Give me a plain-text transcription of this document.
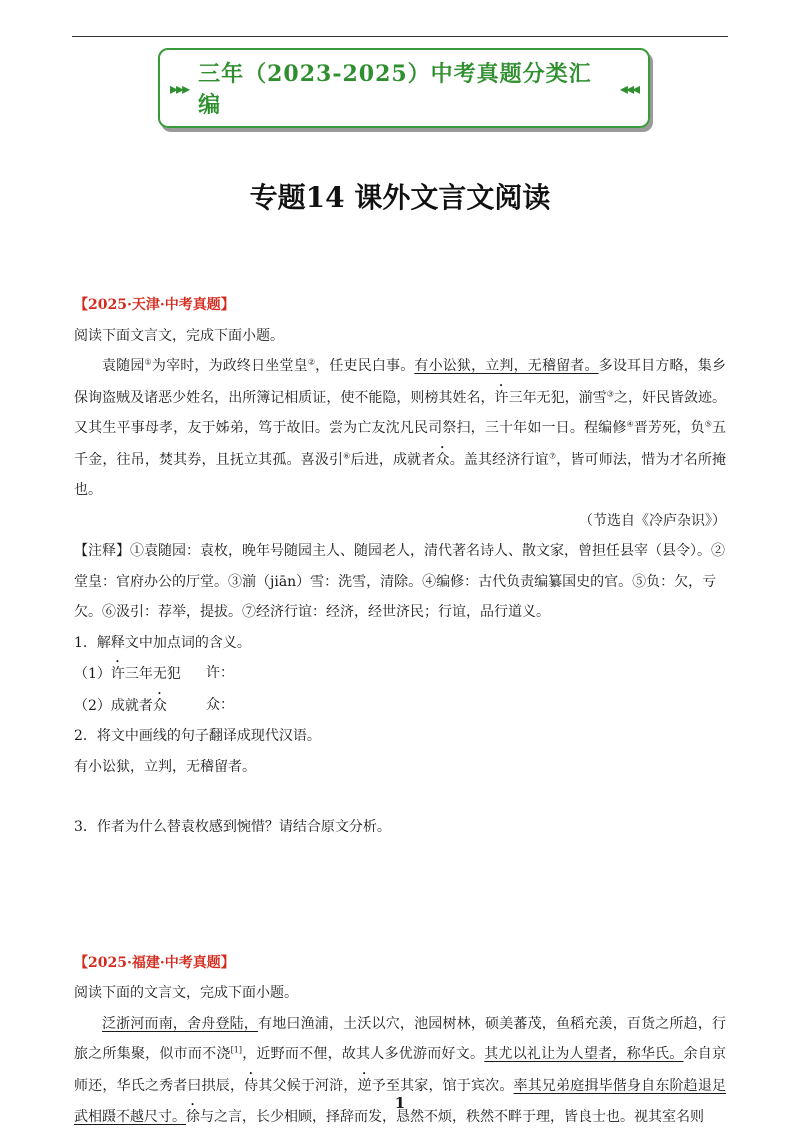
▸▸▸
三年（2023-2025）中考真题分类汇编
◂◂◂
专题14 课外文言文阅读

【2025·天津·中考真题】

阅读下面文言文，完成下面小题。

袁随园①为宰时，为政终日坐堂皇②，任吏民白事。有小讼狱，立判，无稽留者。多设耳目方略，集乡保询盗贼及诸恶少姓名，出所簿记相质证，使不能隐，则榜其姓名，许三年无犯，湔雪③之，奸民皆敛迹。又其生平事母孝，友于姊弟，笃于故旧。尝为亡友沈凡民司祭扫，三十年如一日。程编修④晋芳死，负⑤五千金，往吊，焚其券，且抚立其孤。喜汲引⑥后进，成就者众。盖其经济行谊⑦，皆可师法，惜为才名所掩也。

（节选自《冷庐杂识》）

【注释】①袁随园：袁枚，晚年号随园主人、随园老人，清代著名诗人、散文家，曾担任县宰（县令）。②堂皇：官府办公的厅堂。③湔（jiān）雪：洗雪，清除。④编修：古代负责编纂国史的官。⑤负：欠，亏欠。⑥汲引：荐举，提拔。⑦经济行谊：经济，经世济民；行谊，品行道义。

1．解释文中加点词的含义。

（1）许三年无犯	许：

（2）成就者众	众：

2．将文中画线的句子翻译成现代汉语。

有小讼狱，立判，无稽留者。

3．作者为什么替袁枚感到惋惜？请结合原文分析。

【2025·福建·中考真题】

阅读下面的文言文，完成下面小题。

泛浙河而南，舍舟登陆，有地曰渔浦，土沃以穴，池园树林，硕美蕃茂，鱼稻充羡，百货之所趋，行旅之所集聚，似市而不浇[1]，近野而不俚，故其人多优游而好文。其尤以礼让为人望者，称华氏。余自京师还，华氏之秀者曰拱辰，侍其父候于河浒，逆予至其家，馆于宾次。率其兄弟庭揖毕偕身自东阶趋退足武相蹑不越尺寸。徐与之言，长少相顾，择辞而发，恳然不烦，秩然不畔于理，皆良士也。视其室名则

1
